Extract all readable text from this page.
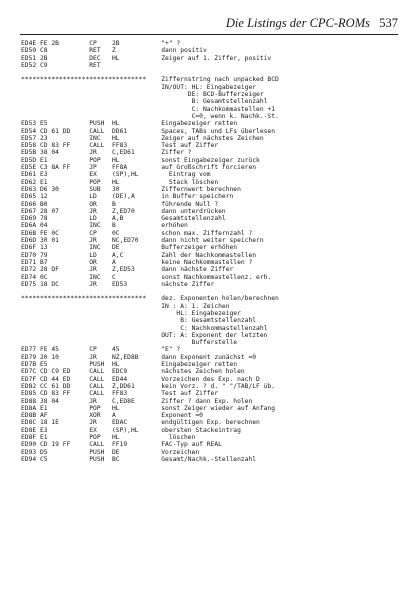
Die Listings der CPC-ROMs 537
ED4E FE 2B        CP    2B           "+" ?
ED50 C8           RET   Z            dann positiv
ED51 2B           DEC   HL           Zeiger auf 1. Ziffer, positiv
ED52 C9           RET
*********************************    Ziffernstring nach unpacked BCD
IN/OUT: HL: Eingabezeiger
DE: BCD-Bufferzeiger
B: Gesamtstellenzahl
C: Nachkommastellen +1
C=0, wenn k. Nachk.-St.
ED53 E5           PUSH  HL           Eingabezeiger retten
ED54 CD 61 DD     CALL  DD61         Spaces, TABs und LFs überlesen
ED57 23           INC   HL           Zeiger auf nächstes Zeichen
ED58 CD 83 FF     CALL  FF83         Test auf Ziffer
ED5B 38 04        JR    C,ED61       Ziffer ?
ED5D E1           POP   HL           sonst Eingabezeiger zurück
ED5E C3 8A FF     JP    FF8A         auf Großschrift forcieren
ED61 E3           EX    (SP),HL        Eintrag vom
ED62 E1           POP   HL             Stack löschen
ED63 D6 30        SUB   30           Ziffernwert berechnen
ED65 12           LD    (DE),A       in Buffer speichern
ED66 B0           OR    B            führende Null ?
ED67 28 07        JR    Z,ED70       dann unterdrücken
ED69 78           LD    A,B          Gesamtstellenzahl
ED6A 04           INC   B            erhöhen
ED6B FE 0C        CP    0C           schon max. Ziffernzahl ?
ED6D 30 01        JR    NC,ED70      dann nicht weiter speichern
ED6F 13           INC   DE           Bufferzeiger erhöhen
ED70 79           LD    A,C          Zahl der Nachkommastellen
ED71 B7           OR    A            keine Nachkommastellen ?
ED72 28 DF        JR    Z,ED53       dann nächste Ziffer
ED74 0C           INC   C            sonst Nachkommastellenz. erh.
ED75 18 DC        JR    ED53         nächste Ziffer
*********************************    dez. Exponenten holen/berechnen
IN : A: 1. Zeichen
HL: Eingabezeiger
B: Gesamtstellenzahl
C: Nachkommastellenzahl
OUT: A: Exponent der letzten
Bufferstelle
ED77 FE 45        CP    45           "E" ?
ED79 20 10        JR    NZ,ED8B      dann Exponent zunächst =0
ED7B E5           PUSH  HL           Eingabezeiger retten
ED7C CD C9 ED     CALL  EDC9         nächstes Zeichen holen
ED7F CD 44 ED     CALL  ED44         Vorzeichen des Exp. nach D
ED82 CC 61 DD     CALL  Z,DD61       kein Vorz. ? d. " "/TAB/LF üb.
ED85 CD 83 FF     CALL  FF83         Test auf Ziffer
ED88 38 04        JR    C,ED8E       Ziffer ? dann Exp. holen
ED8A E1           POP   HL           sonst Zeiger wieder auf Anfang
ED8B AF           XOR   A            Exponent =0
ED8C 18 1E        JR    EDAC         endgültigen Exp. berechnen
ED8E E3           EX    (SP),HL      obersten Stackeintrag
ED8F E1           POP   HL             löschen
ED90 CD 19 FF     CALL  FF19         FAC-Typ auf REAL
ED93 D5           PUSH  DE           Vorzeichen
ED94 C5           PUSH  BC           Gesamt/Nachk.-Stellenzahl
